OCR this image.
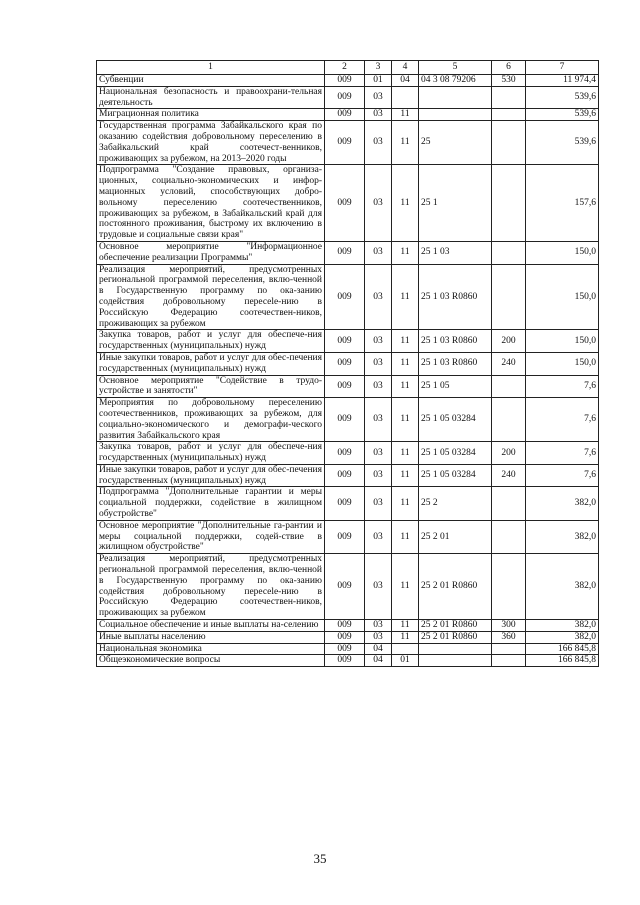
1	2	3	4	5	6	7
Субвенции	009	01	04	04 3 08 79206	530	11 974,4
Национальная безопасность и правоохрани-тельная деятельность	009	03				539,6
Миграционная политика	009	03	11			539,6
Государственная программа Забайкальского края по оказанию содействия добровольному переселению в Забайкальский край соотечест-венников, проживающих за рубежом, на 2013–2020 годы	009	03	11	25		539,6
Подпрограмма "Создание правовых, организа-ционных, социально-экономических и инфор-мационных условий, способствующих добро-вольному переселению соотечественников, проживающих за рубежом, в Забайкальский край для постоянного проживания, быстрому их включению в трудовые и социальные связи края"	009	03	11	25 1		157,6
Основное мероприятие "Информационное обеспечение реализации Программы"	009	03	11	25 1 03		150,0
Реализация мероприятий, предусмотренных региональной программой переселения, вклю-ченной в Государственную программу по ока-занию содействия добровольному пересele-нию в Российскую Федерацию соотечествен-ников, проживающих за рубежом	009	03	11	25 1 03 R0860		150,0
Закупка товаров, работ и услуг для обеспече-ния государственных (муниципальных) нужд	009	03	11	25 1 03 R0860	200	150,0
Иные закупки товаров, работ и услуг для обес-печения государственных (муниципальных) нужд	009	03	11	25 1 03 R0860	240	150,0
Основное мероприятие "Содействие в трудо-устройстве и занятости"	009	03	11	25 1 05		7,6
Мероприятия по добровольному переселению соотечественников, проживающих за рубежом, для социально-экономического и демографи-ческого развития Забайкальского края	009	03	11	25 1 05 03284		7,6
Закупка товаров, работ и услуг для обеспече-ния государственных (муниципальных) нужд	009	03	11	25 1 05 03284	200	7,6
Иные закупки товаров, работ и услуг для обес-печения государственных (муниципальных) нужд	009	03	11	25 1 05 03284	240	7,6
Подпрограмма "Дополнительные гарантии и меры социальной поддержки, содействие в жилищном обустройстве"	009	03	11	25 2		382,0
Основное мероприятие "Дополнительные га-рантии и меры социальной поддержки, содей-ствие в жилищном обустройстве"	009	03	11	25 2 01		382,0
Реализация мероприятий, предусмотренных региональной программой переселения, вклю-ченной в Государственную программу по ока-занию содействия добровольному пересele-нию в Российскую Федерацию соотечествен-ников, проживающих за рубежом	009	03	11	25 2 01 R0860		382,0
Социальное обеспечение и иные выплаты на-селению	009	03	11	25 2 01 R0860	300	382,0
Иные выплаты населению	009	03	11	25 2 01 R0860	360	382,0
Национальная экономика	009	04				166 845,8
Общеэкономические вопросы	009	04	01			166 845,8
35
